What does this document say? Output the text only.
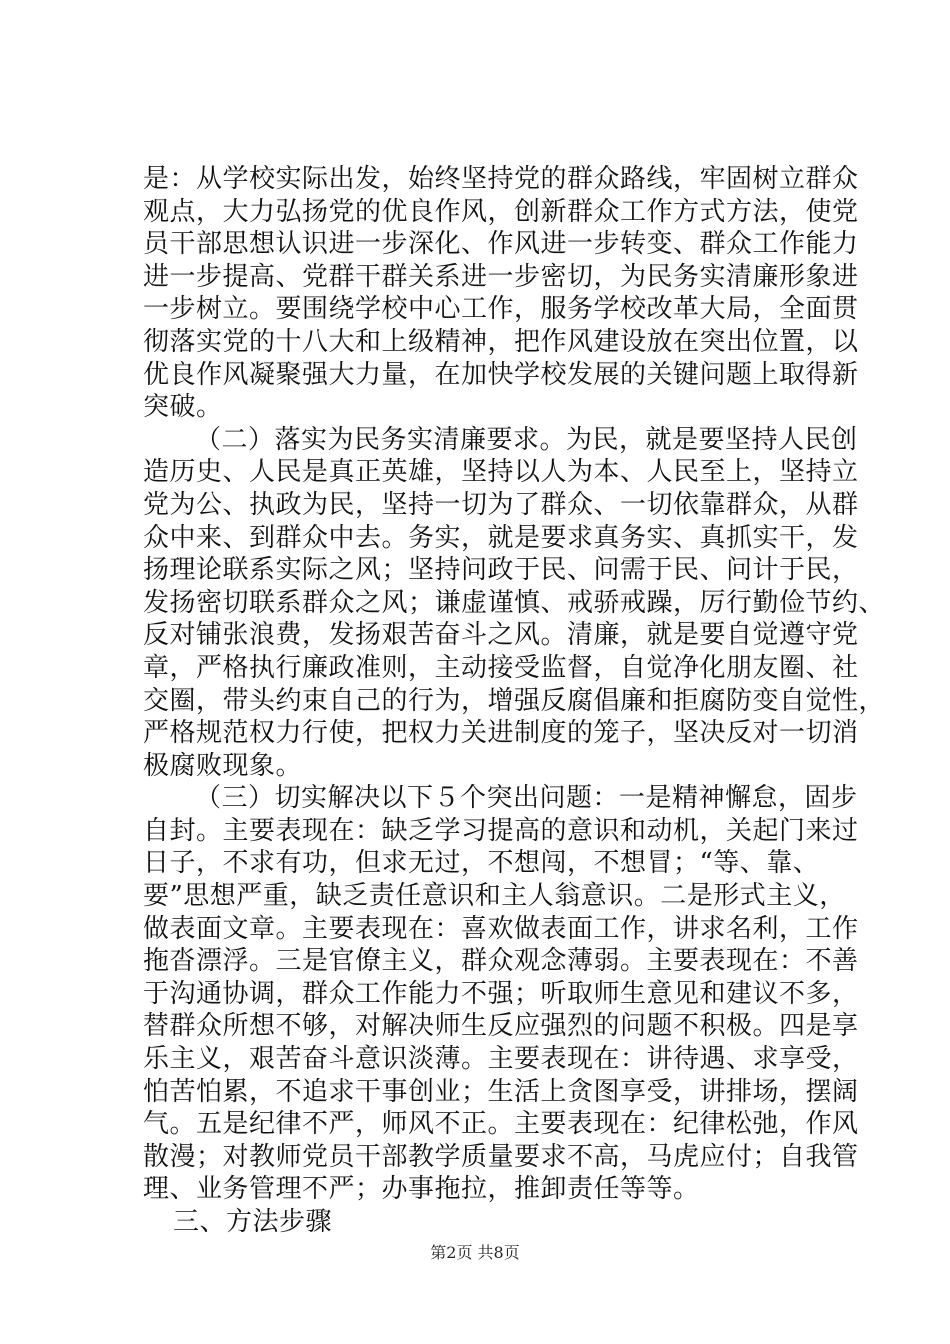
是：从学校实际出发，始终坚持党的群众路线，牢固树立群众
观点，大力弘扬党的优良作风，创新群众工作方式方法，使党
员干部思想认识进一步深化、作风进一步转变、群众工作能力
进一步提高、党群干群关系进一步密切，为民务实清廉形象进
一步树立。要围绕学校中心工作，服务学校改革大局，全面贯
彻落实党的十八大和上级精神，把作风建设放在突出位置，以
优良作风凝聚强大力量，在加快学校发展的关键问题上取得新
突破。
（二）落实为民务实清廉要求。为民，就是要坚持人民创
造历史、人民是真正英雄，坚持以人为本、人民至上，坚持立
党为公、执政为民，坚持一切为了群众、一切依靠群众，从群
众中来、到群众中去。务实，就是要求真务实、真抓实干，发
扬理论联系实际之风；坚持问政于民、问需于民、问计于民，
发扬密切联系群众之风；谦虚谨慎、戒骄戒躁，厉行勤俭节约、
反对铺张浪费，发扬艰苦奋斗之风。清廉，就是要自觉遵守党
章，严格执行廉政准则，主动接受监督，自觉净化朋友圈、社
交圈，带头约束自己的行为，增强反腐倡廉和拒腐防变自觉性，
严格规范权力行使，把权力关进制度的笼子，坚决反对一切消
极腐败现象。
（三）切实解决以下５个突出问题：一是精神懈怠，固步
自封。主要表现在：缺乏学习提高的意识和动机，关起门来过
日子，不求有功，但求无过，不想闯，不想冒；“等、靠、
要”思想严重，缺乏责任意识和主人翁意识。二是形式主义，
做表面文章。主要表现在：喜欢做表面工作，讲求名利，工作
拖沓漂浮。三是官僚主义，群众观念薄弱。主要表现在：不善
于沟通协调，群众工作能力不强；听取师生意见和建议不多，
替群众所想不够，对解决师生反应强烈的问题不积极。四是享
乐主义，艰苦奋斗意识淡薄。主要表现在：讲待遇、求享受，
怕苦怕累，不追求干事创业；生活上贪图享受，讲排场，摆阔
气。五是纪律不严，师风不正。主要表现在：纪律松弛，作风
散漫；对教师党员干部教学质量要求不高，马虎应付；自我管
理、业务管理不严；办事拖拉，推卸责任等等。
三、方法步骤
第2页 共8页
